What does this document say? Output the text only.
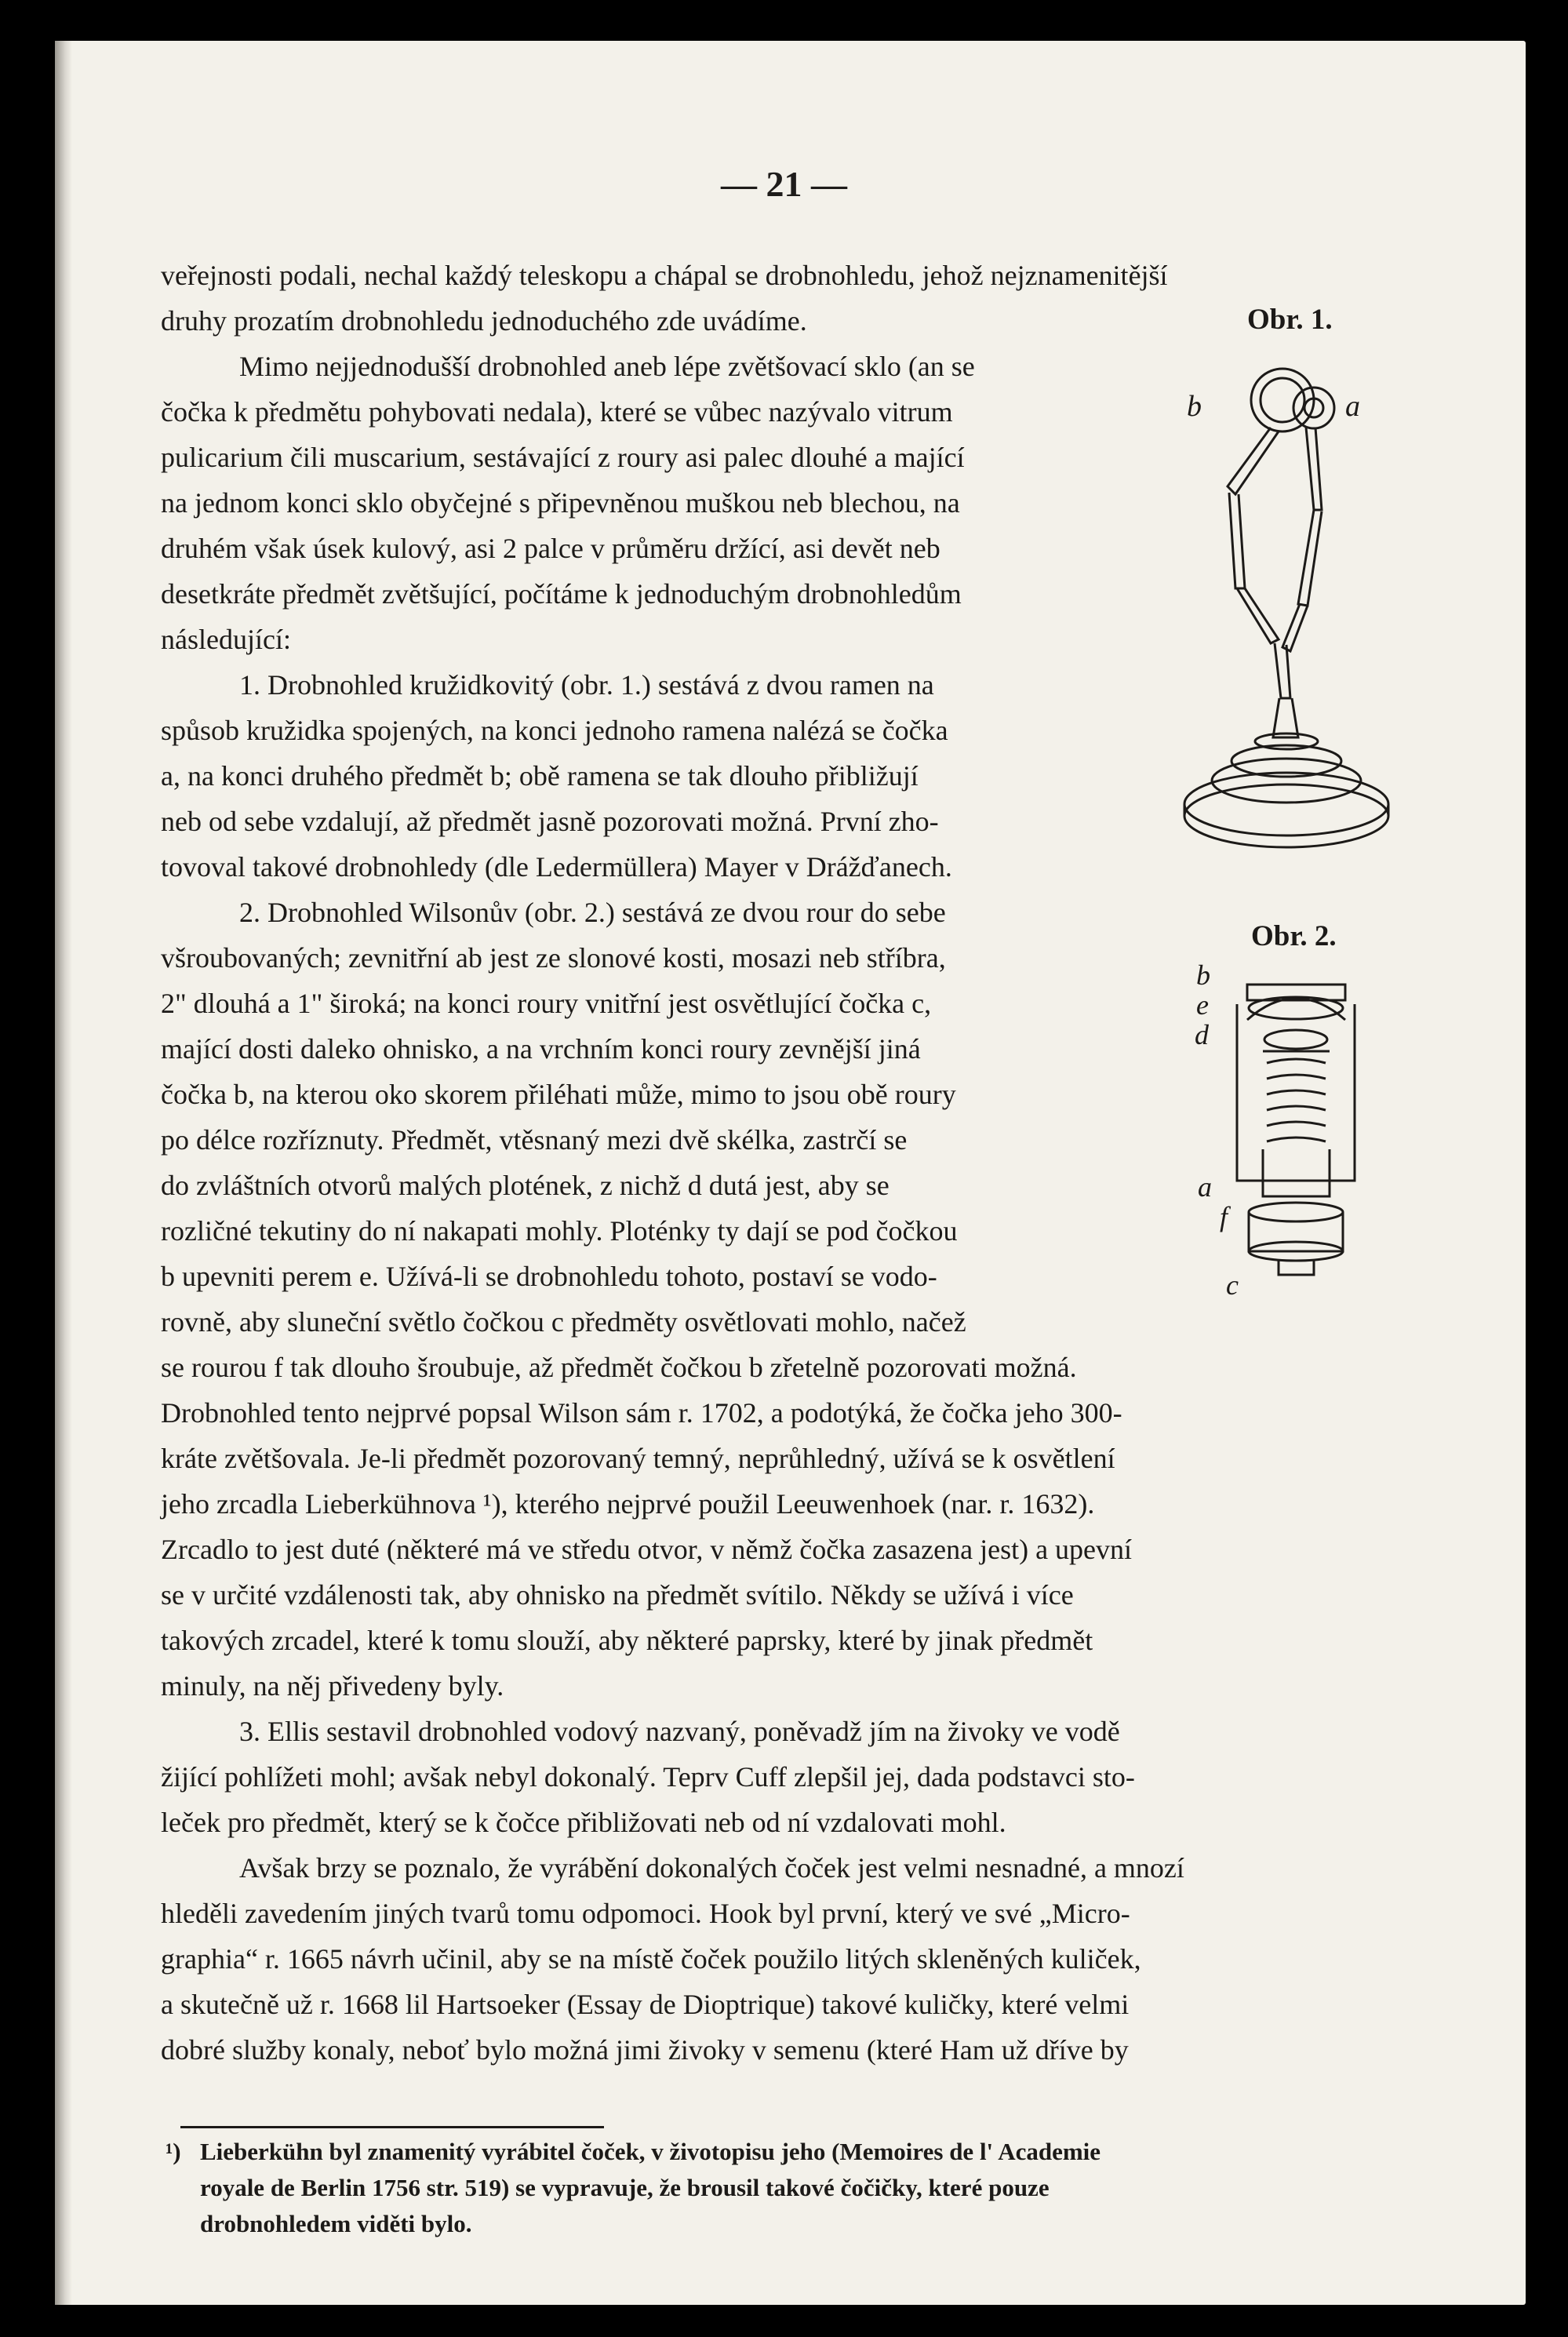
— 21 —

veřejnosti podali, nechal každý teleskopu a chápal se drobnohledu, jehož nejznamenitější

druhy prozatím drobnohledu jednoduchého zde uvádíme.

Mimo nejjednodušší drobnohled aneb lépe zvětšovací sklo (an se

čočka k předmětu pohybovati nedala), které se vůbec nazývalo vitrum

pulicarium čili muscarium, sestávající z roury asi palec dlouhé a mající

na jednom konci sklo obyčejné s připevněnou muškou neb blechou, na

druhém však úsek kulový, asi 2 palce v průměru držící, asi devět neb

desetkráte předmět zvětšující, počítáme k jednoduchým drobnohledům

následující:

1. Drobnohled kružidkovitý (obr. 1.) sestává z dvou ramen na

spůsob kružidka spojených, na konci jednoho ramena nalézá se čočka

a, na konci druhého předmět b; obě ramena se tak dlouho přibližují

neb od sebe vzdalují, až předmět jasně pozorovati možná. První zho-

tovoval takové drobnohledy (dle Ledermüllera) Mayer v Drážďanech.

2. Drobnohled Wilsonův (obr. 2.) sestává ze dvou rour do sebe

všroubovaných; zevnitřní ab jest ze slonové kosti, mosazi neb stříbra,

2" dlouhá a 1" široká; na konci roury vnitřní jest osvětlující čočka c,

mající dosti daleko ohnisko, a na vrchním konci roury zevnější jiná

čočka b, na kterou oko skorem přiléhati může, mimo to jsou obě roury

po délce rozříznuty. Předmět, vtěsnaný mezi dvě skélka, zastrčí se

do zvláštních otvorů malých plotének, z nichž d dutá jest, aby se

rozličné tekutiny do ní nakapati mohly. Ploténky ty dají se pod čočkou

b upevniti perem e. Užívá-li se drobnohledu tohoto, postaví se vodo-

rovně, aby sluneční světlo čočkou c předměty osvětlovati mohlo, načež

se rourou f tak dlouho šroubuje, až předmět čočkou b zřetelně pozorovati možná.

Drobnohled tento nejprvé popsal Wilson sám r. 1702, a podotýká, že čočka jeho 300-

kráte zvětšovala. Je-li předmět pozorovaný temný, neprůhledný, užívá se k osvětlení

jeho zrcadla Lieberkühnova ¹), kterého nejprvé použil Leeuwenhoek (nar. r. 1632).

Zrcadlo to jest duté (některé má ve středu otvor, v němž čočka zasazena jest) a upevní

se v určité vzdálenosti tak, aby ohnisko na předmět svítilo. Někdy se užívá i více

takových zrcadel, které k tomu slouží, aby některé paprsky, které by jinak předmět

minuly, na něj přivedeny byly.

3. Ellis sestavil drobnohled vodový nazvaný, poněvadž jím na živoky ve vodě

žijící pohlížeti mohl; avšak nebyl dokonalý. Teprv Cuff zlepšil jej, dada podstavci sto-

leček pro předmět, který se k čočce přibližovati neb od ní vzdalovati mohl.

Avšak brzy se poznalo, že vyrábění dokonalých čoček jest velmi nesnadné, a mnozí

hleděli zavedením jiných tvarů tomu odpomoci. Hook byl první, který ve své „Micro-

graphia“ r. 1665 návrh učinil, aby se na místě čoček použilo litých skleněných kuliček,

a skutečně už r. 1668 lil Hartsoeker (Essay de Dioptrique) takové kuličky, které velmi

dobré služby konaly, neboť bylo možná jimi živoky v semenu (které Ham už dříve by

Obr. 1.
b	a
Obr. 2.
b
e
d
a
f
c
¹) Lieberkühn byl znamenitý vyrábitel čoček, v životopisu jeho (Memoires de l' Academie

royale de Berlin 1756 str. 519) se vypravuje, že brousil takové čočičky, které pouze

drobnohledem viděti bylo.
